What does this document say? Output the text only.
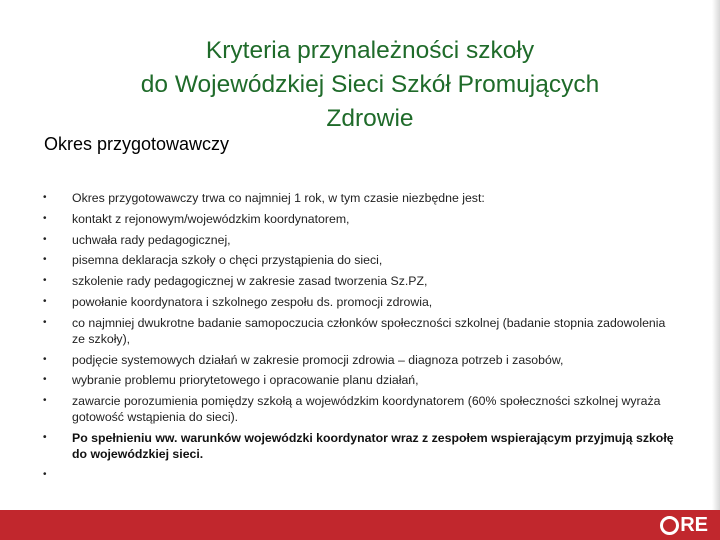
Kryteria przynależności szkoły
do Wojewódzkiej Sieci Szkół Promujących
Zdrowie
Okres przygotowawczy
• Okres przygotowawczy trwa co najmniej 1 rok, w tym czasie niezbędne jest:
• kontakt z rejonowym/wojewódzkim koordynatorem,
• uchwała rady pedagogicznej,
• pisemna deklaracja szkoły o chęci przystąpienia do sieci,
• szkolenie rady pedagogicznej w zakresie zasad tworzenia Sz.PZ,
• powołanie koordynatora i szkolnego zespołu ds. promocji zdrowia,
• co najmniej dwukrotne badanie samopoczucia członków społeczności szkolnej (badanie stopnia zadowolenia ze szkoły),
• podjęcie systemowych działań w zakresie promocji zdrowia – diagnoza potrzeb i zasobów,
• wybranie problemu priorytetowego i opracowanie planu działań,
• zawarcie porozumienia pomiędzy szkołą a wojewódzkim koordynatorem (60% społeczności szkolnej wyraża gotowość wstąpienia do sieci).
• Po spełnieniu ww. warunków wojewódzki koordynator wraz z zespołem wspierającym przyjmują szkołę do wojewódzkiej sieci.
•
RE
